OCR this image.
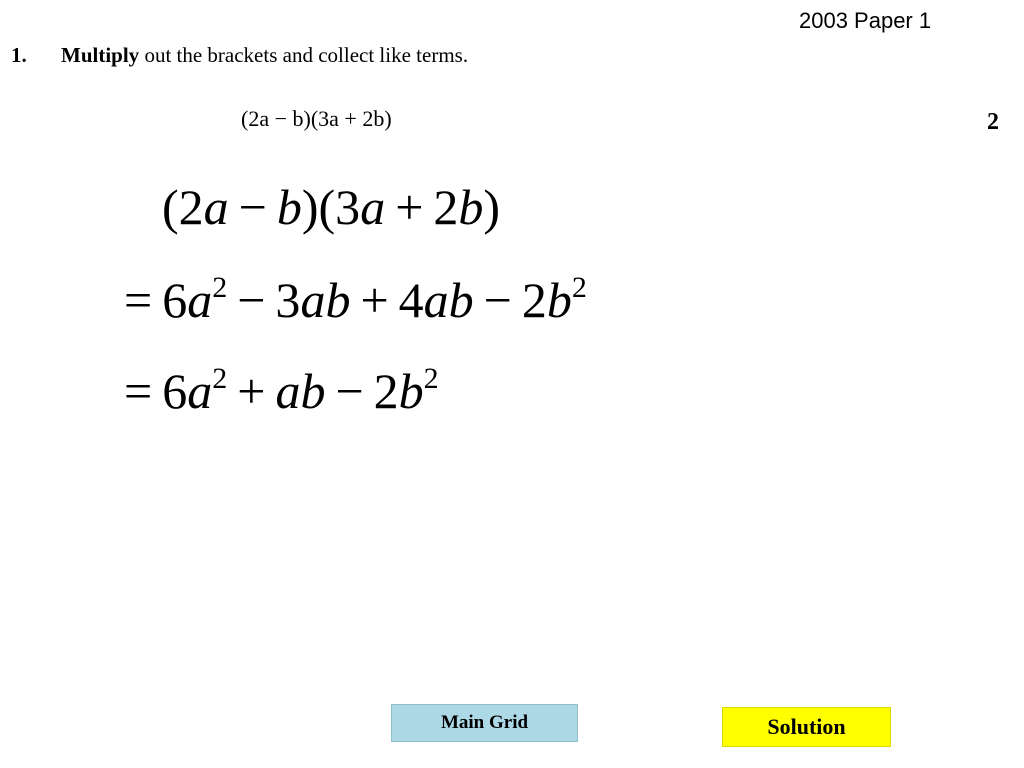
2003 Paper 1
1. Multiply out the brackets and collect like terms.
(2a − b)(3a + 2b)	2
(2a − b)(3a + 2b)
 = $6a^2 - 3ab + 4ab - 2b^2$
 = $6a^2$ + ab − $2b^2$
Main Grid	Solution
